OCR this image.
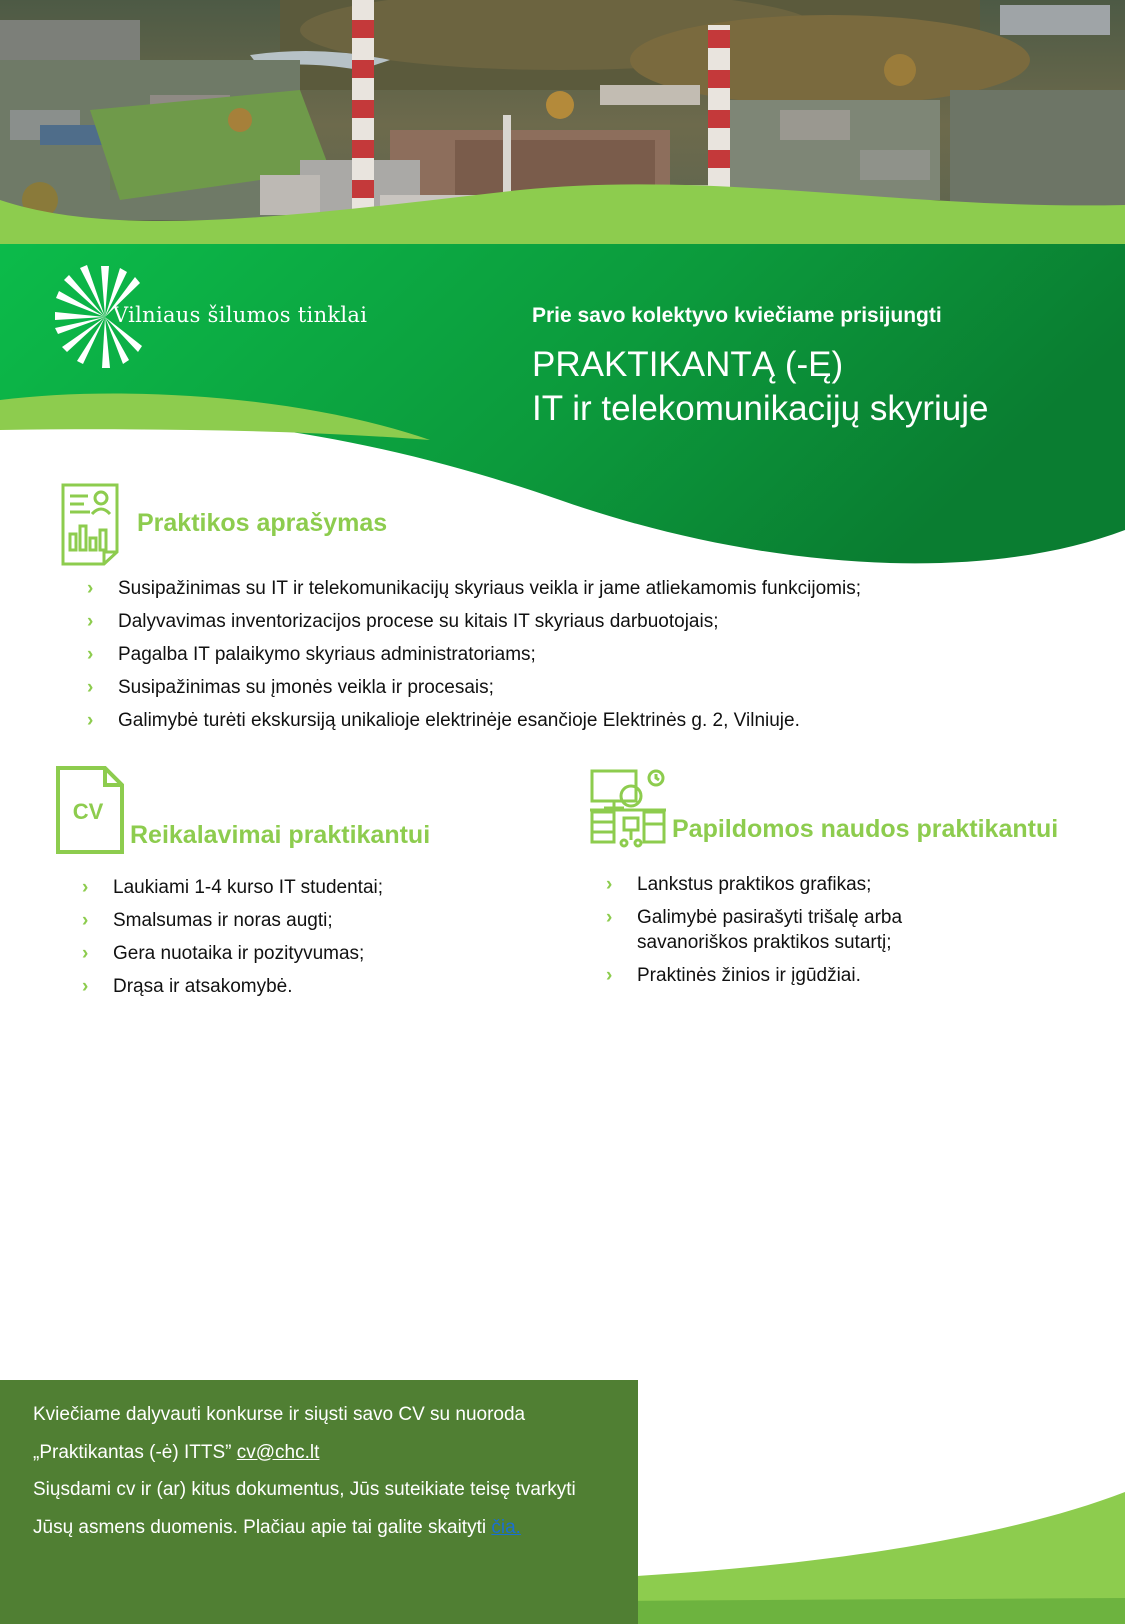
Vilniaus šilumos tinklai	Prie savo kolektyvo kviečiame prisijungti
PRAKTIKANTĄ (-Ę)
IT ir telekomunikacijų skyriuje
Praktikos aprašymas
› Susipažinimas su IT ir telekomunikacijų skyriaus veikla ir jame atliekamomis funkcijomis;
› Dalyvavimas inventorizacijos procese su kitais IT skyriaus darbuotojais;
› Pagalba IT palaikymo skyriaus administratoriams;
› Susipažinimas su įmonės veikla ir procesais;
› Galimybė turėti ekskursiją unikalioje elektrinėje esančioje Elektrinės g. 2, Vilniuje.
CV
Reikalavimai praktikantui
› Laukiami 1-4 kurso IT studentai;
› Smalsumas ir noras augti;
› Gera nuotaika ir pozityvumas;
› Drąsa ir atsakomybė.
Papildomos naudos praktikantui
› Lankstus praktikos grafikas;
› Galimybė pasirašyti trišalę arba savanoriškos praktikos sutartį;
› Praktinės žinios ir įgūdžiai.
Kviečiame dalyvauti konkurse ir siųsti savo CV su nuoroda
„Praktikantas (-ė) ITTS” cv@chc.lt
Siųsdami cv ir (ar) kitus dokumentus, Jūs suteikiate teisę tvarkyti
Jūsų asmens duomenis. Plačiau apie tai galite skaityti čia.
